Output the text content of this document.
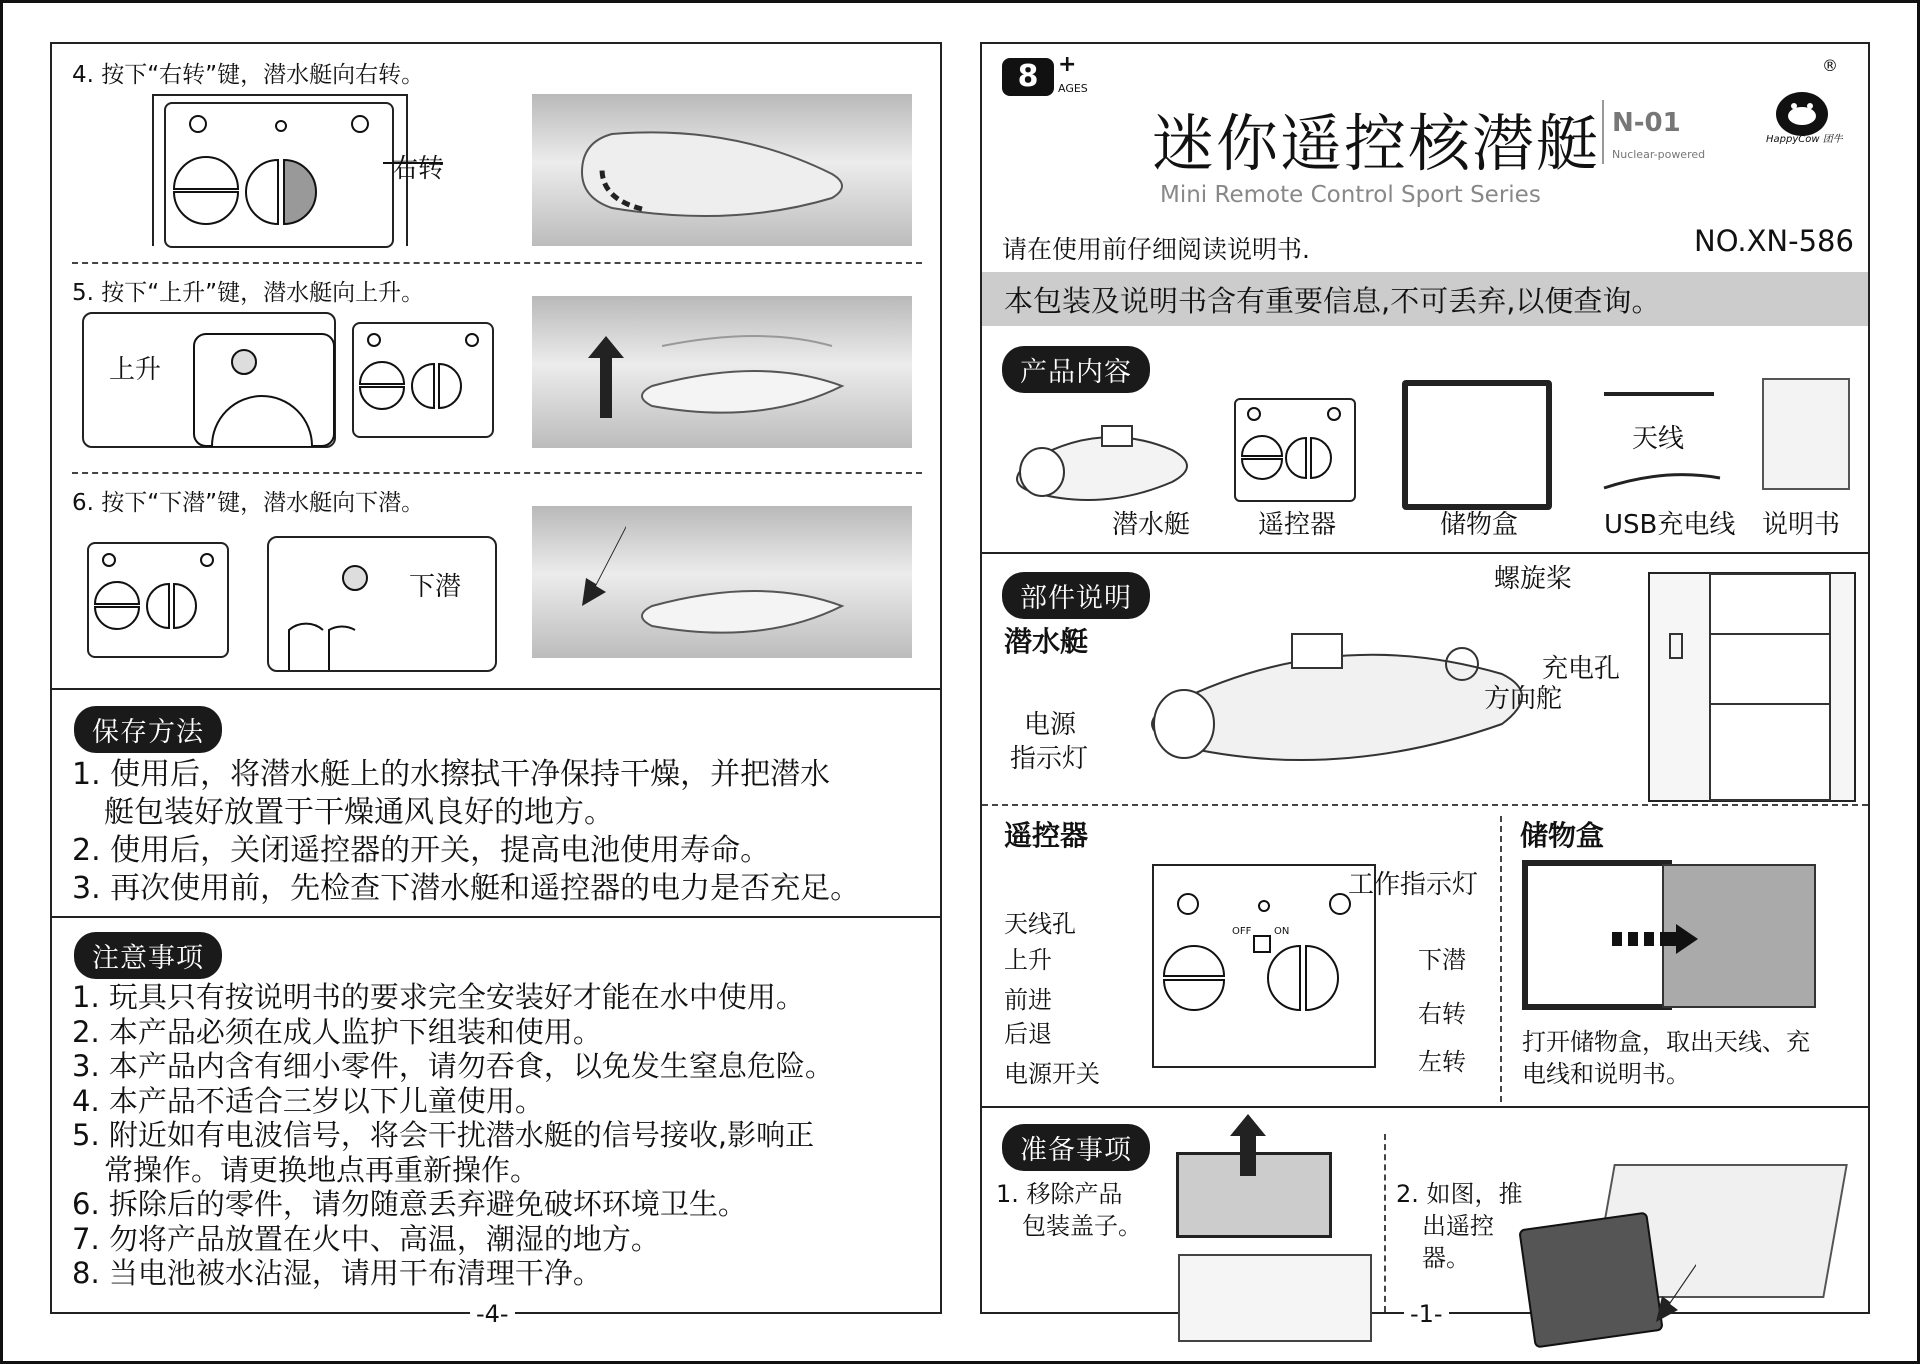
4. 按下“右转”键，潜水艇向右转。
右转
5. 按下“上升”键，潜水艇向上升。
上升
6. 按下“下潜”键，潜水艇向下潜。
下潜
保存方法
1. 使用后，将潜水艇上的水擦拭干净保持干燥，并把潜水
艇包装好放置于干燥通风良好的地方。
2. 使用后，关闭遥控器的开关，提高电池使用寿命。
3. 再次使用前，先检查下潜水艇和遥控器的电力是否充足。
注意事项
1. 玩具只有按说明书的要求完全安装好才能在水中使用。
2. 本产品必须在成人监护下组装和使用。
3. 本产品内含有细小零件，请勿吞食，以免发生窒息危险。
4. 本产品不适合三岁以下儿童使用。
5. 附近如有电波信号，将会干扰潜水艇的信号接收,影响正
常操作。请更换地点再重新操作。
6. 拆除后的零件，请勿随意丢弃避免破坏环境卫生。
7. 勿将产品放置在火中、高温，潮湿的地方。
8. 当电池被水沾湿，请用干布清理干净。
-4-
8 +
AGES
迷你遥控核潜艇 N-01
Nuclear-powered
Mini Remote Control Sport Series
®
HappyCow 团牛
请在使用前仔细阅读说明书.	NO.XN-586
本包装及说明书含有重要信息,不可丢弃,以便查询。
产品内容
天线
潜水艇	遥控器	储物盒	USB充电线 说明书
部件说明
潜水艇
螺旋桨
充电孔
方向舵
电源
指示灯
遥控器
OFF ON
工作指示灯
天线孔
上升	下潜
前进	右转
后退
左转
电源开关
储物盒
打开储物盒，取出天线、充
电线和说明书。
准备事项
1. 移除产品
包装盖子。
2. 如图，推
出遥控
器。
-1-
